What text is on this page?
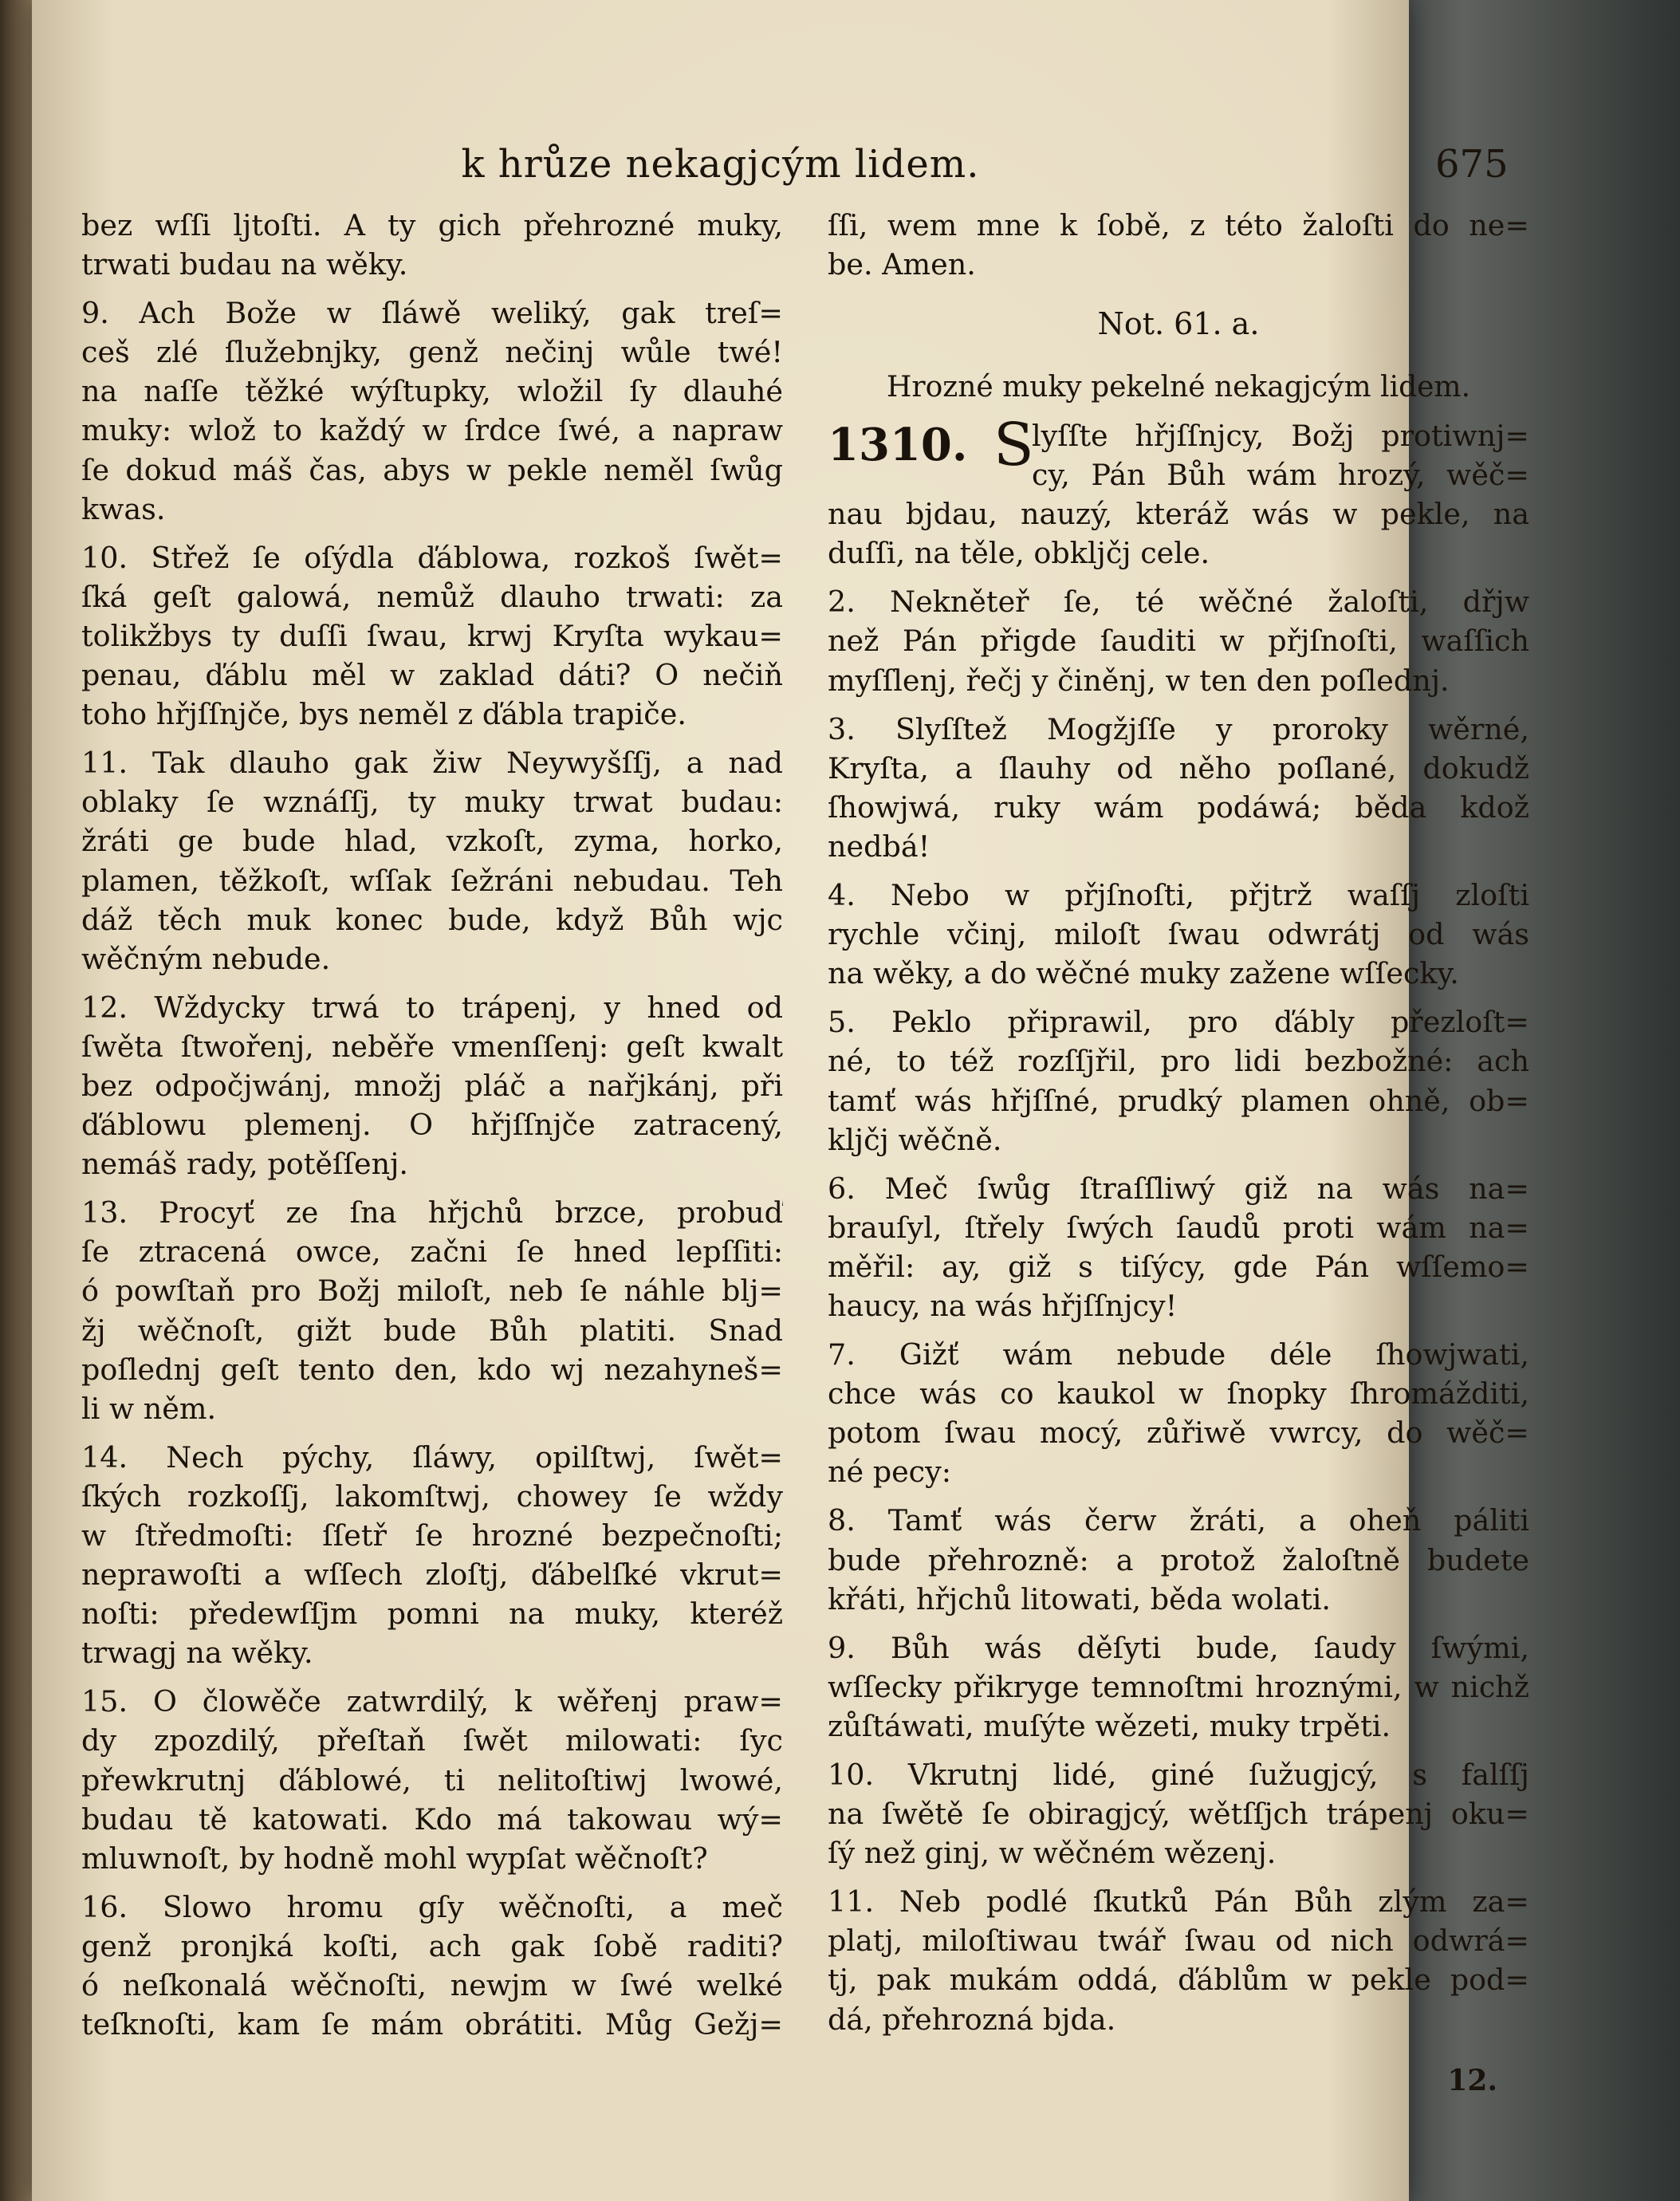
k hrůze nekagjcým lidem.
bez wſſi ljtoſti. A ty gich přehrozné muky,
trwati budau na wěky.
9. Ach Bože w ſláwě weliký, gak treſ=
ceš zlé ſlužebnjky, genž nečinj wůle twé!
na naſſe těžké wýſtupky, wložil ſy dlauhé
muky: wlož to každý w ſrdce ſwé, a napraw
ſe dokud máš čas, abys w pekle neměl ſwůg
kwas.
10. Střež ſe oſýdla ďáblowa, rozkoš ſwět=
ſká geſt galowá, nemůž dlauho trwati: za
tolikžbys ty duſſi ſwau, krwj Kryſta wykau=
penau, ďáblu měl w zaklad dáti? O nečiň
toho hřjſſnjče, bys neměl z ďábla trapiče.
11. Tak dlauho gak žiw Neywyšſſj, a nad
oblaky ſe wznáſſj, ty muky trwat budau:
žráti ge bude hlad, vzkoſt, zyma, horko,
plamen, těžkoſt, wſſak ſežráni nebudau. Teh
dáž těch muk konec bude, když Bůh wjc
wěčným nebude.
12. Wždycky trwá to trápenj, y hned od
ſwěta ſtwořenj, neběře vmenſſenj: geſt kwalt
bez odpočjwánj, množj pláč a nařjkánj, při
ďáblowu plemenj. O hřjſſnjče zatracený,
nemáš rady, potěſſenj.
13. Procyť ze ſna hřjchů brzce, probuď
ſe ztracená owce, začni ſe hned lepſſiti:
ó powſtaň pro Božj miloſt, neb ſe náhle blj=
žj wěčnoſt, gižt bude Bůh platiti. Snad
poſlednj geſt tento den, kdo wj nezahyneš=
li w něm.
14. Nech pýchy, ſláwy, opilſtwj, ſwět=
ſkých rozkoſſj, lakomſtwj, chowey ſe wždy
w ſtředmoſti: ſſetř ſe hrozné bezpečnoſti;
neprawoſti a wſſech zloſtj, ďábelſké vkrut=
noſti: předewſſjm pomni na muky, kteréž
trwagj na wěky.
15. O člowěče zatwrdilý, k wěřenj praw=
dy zpozdilý, přeſtaň ſwět milowati: ſyc
přewkrutnj ďáblowé, ti nelitoſtiwj lwowé,
budau tě katowati. Kdo má takowau wý=
mluwnoſt, by hodně mohl wypſat wěčnoſt?
16. Slowo hromu gſy wěčnoſti, a meč
genž pronjká koſti, ach gak ſobě raditi?
ó neſkonalá wěčnoſti, newjm w ſwé welké
teſknoſti, kam ſe mám obrátiti. Můg Gežj=
ſſi, wem mne k ſobě, z této žaloſti do ne=
be. Amen.
Not. 61. a.
Hrozné muky pekelné nekagjcým lidem.
1310. S
lyſſte hřjſſnjcy, Božj protiwnj=
cy, Pán Bůh wám hrozý, wěč=
nau bjdau, nauzý, kteráž wás w pekle, na
duſſi, na těle, obkljčj cele.
2. Nekněteř ſe, té wěčné žaloſti, dřjw
než Pán přigde ſauditi w přjſnoſti, waſſich
myſſlenj, řečj y činěnj, w ten den poſlednj.
3. Slyſſtež Mogžjſſe y proroky wěrné,
Kryſta, a ſlauhy od něho poſlané, dokudž
ſhowjwá, ruky wám podáwá; běda kdož
nedbá!
4. Nebo w přjſnoſti, přjtrž waſſj zloſti
rychle včinj, miloſt ſwau odwrátj od wás
na wěky, a do wěčné muky zažene wſſecky.
5. Peklo připrawil, pro ďábly přezloſt=
né, to též rozſſjřil, pro lidi bezbožné: ach
tamť wás hřjſſné, prudký plamen ohně, ob=
kljčj wěčně.
6. Meč ſwůg ſtraſſliwý giž na wás na=
brauſyl, ſtřely ſwých ſaudů proti wám na=
měřil: ay, giž s tiſýcy, gde Pán wſſemo=
haucy, na wás hřjſſnjcy!
7. Gižť wám nebude déle ſhowjwati,
chce wás co kaukol w ſnopky ſhromážditi,
potom ſwau mocý, zůřiwě vwrcy, do wěč=
né pecy:
8. Tamť wás čerw žráti, a oheň páliti
bude přehrozně: a protož žaloſtně budete
křáti, hřjchů litowati, běda wolati.
9. Bůh wás děſyti bude, ſaudy ſwými,
wſſecky přikryge temnoſtmi hroznými, w nichž
zůſtáwati, muſýte wězeti, muky trpěti.
10. Vkrutnj lidé, giné ſužugjcý, s falſſj
na ſwětě ſe obiragjcý, wětſſjch trápenj oku=
ſý než ginj, w wěčném wězenj.
11. Neb podlé ſkutků Pán Bůh zlým za=
platj, miloſtiwau twář ſwau od nich odwrá=
tj, pak mukám oddá, ďáblům w pekle pod=
dá, přehrozná bjda.
12.
675
